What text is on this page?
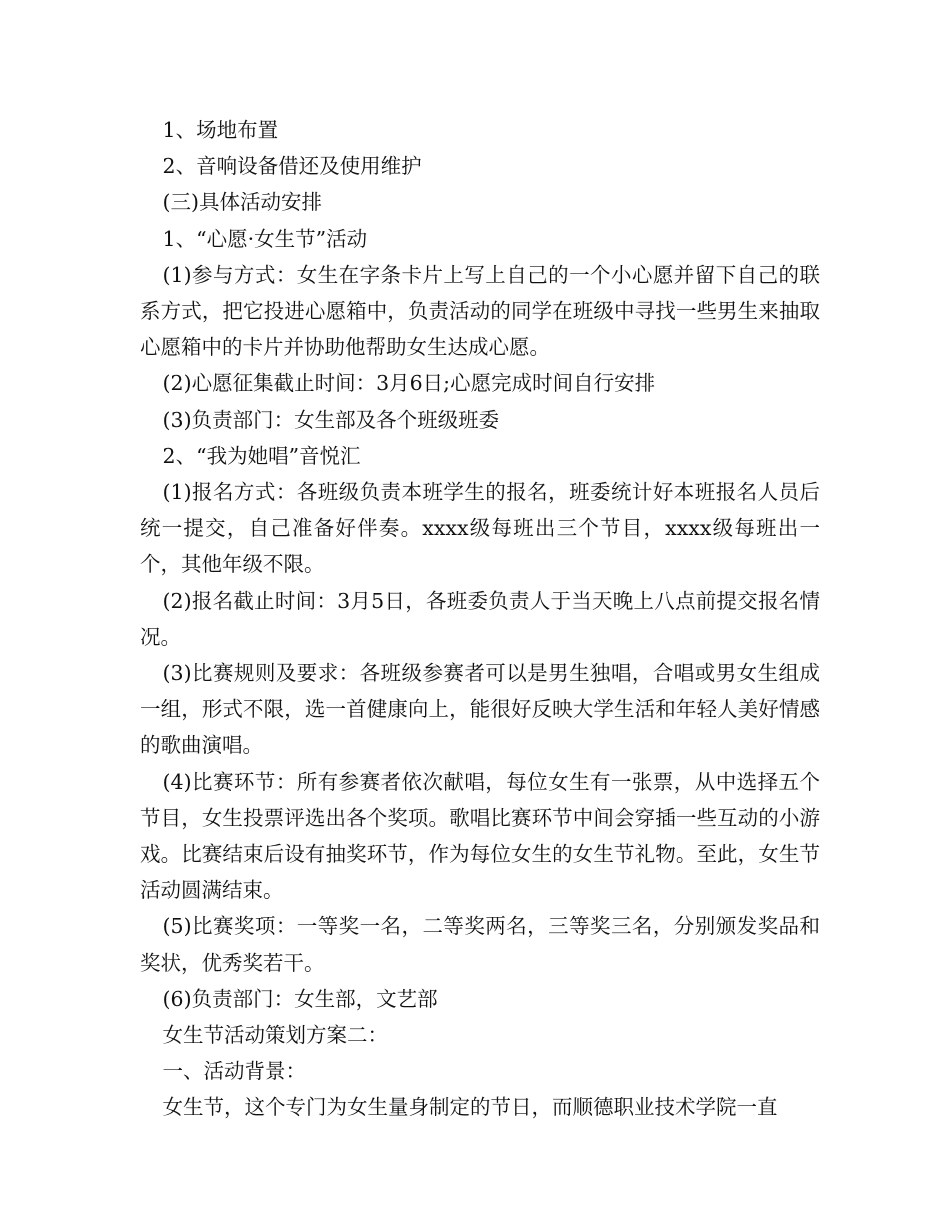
1、场地布置

2、音响设备借还及使用维护

(三)具体活动安排

1、“心愿·女生节”活动

(1)参与方式：女生在字条卡片上写上自己的一个小心愿并留下自己的联系方式，把它投进心愿箱中，负责活动的同学在班级中寻找一些男生来抽取心愿箱中的卡片并协助他帮助女生达成心愿。

(2)心愿征集截止时间：3月6日;心愿完成时间自行安排

(3)负责部门：女生部及各个班级班委

2、“我为她唱”音悦汇

(1)报名方式：各班级负责本班学生的报名，班委统计好本班报名人员后统一提交，自己准备好伴奏。xxxx级每班出三个节目，xxxx级每班出一个，其他年级不限。

(2)报名截止时间：3月5日，各班委负责人于当天晚上八点前提交报名情况。

(3)比赛规则及要求：各班级参赛者可以是男生独唱，合唱或男女生组成一组，形式不限，选一首健康向上，能很好反映大学生活和年轻人美好情感的歌曲演唱。

(4)比赛环节：所有参赛者依次献唱，每位女生有一张票，从中选择五个节目，女生投票评选出各个奖项。歌唱比赛环节中间会穿插一些互动的小游戏。比赛结束后设有抽奖环节，作为每位女生的女生节礼物。至此，女生节活动圆满结束。

(5)比赛奖项：一等奖一名，二等奖两名，三等奖三名，分别颁发奖品和奖状，优秀奖若干。

(6)负责部门：女生部，文艺部

女生节活动策划方案二：

一、活动背景：

女生节，这个专门为女生量身制定的节日，而顺德职业技术学院一直
